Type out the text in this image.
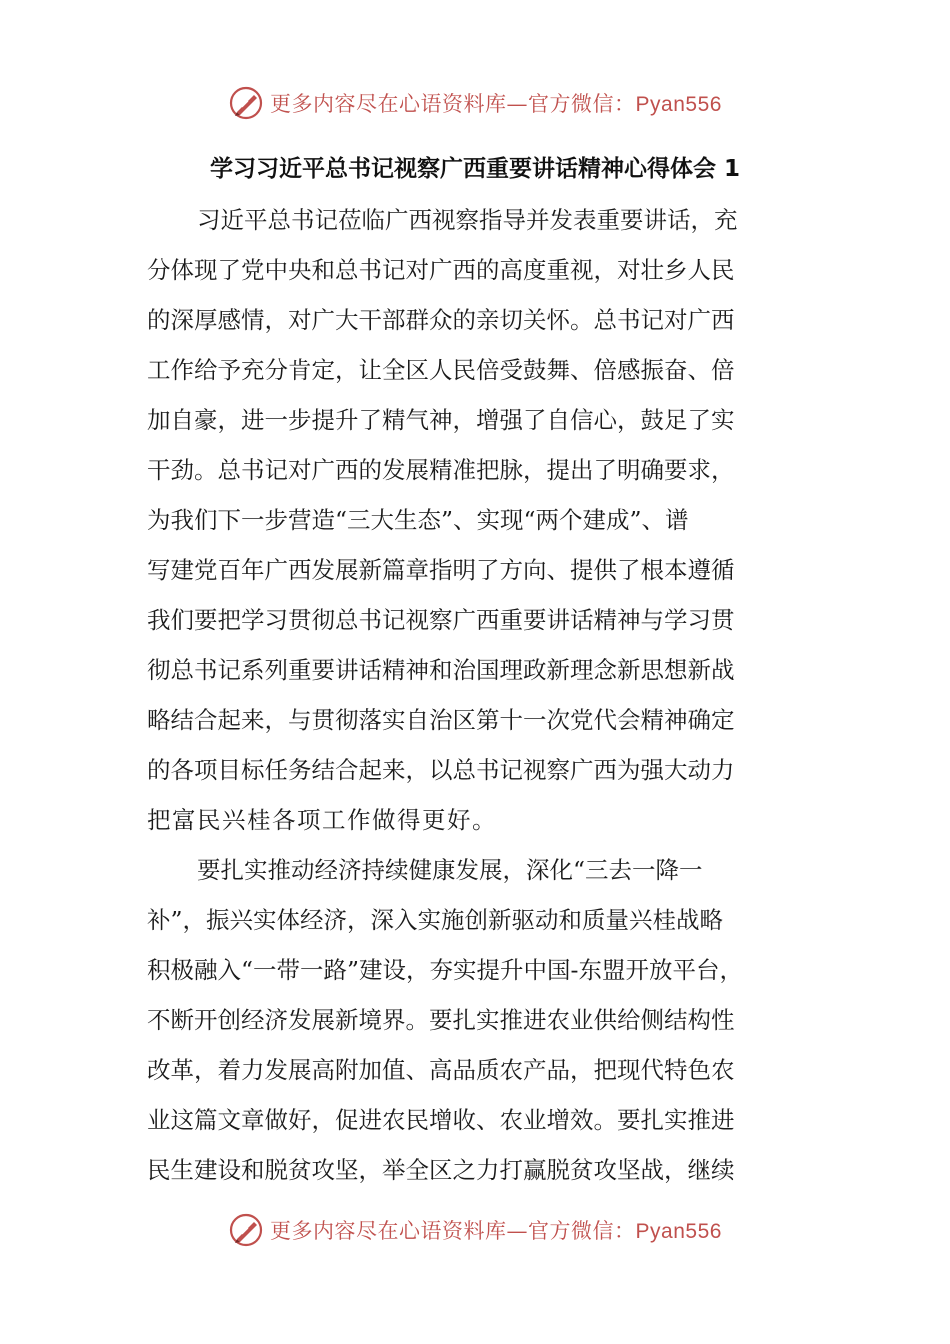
更多内容尽在心语资料库—官方微信：Pyan556
学习习近平总书记视察广西重要讲话精神心得体会 1
习近平总书记莅临广西视察指导并发表重要讲话，充
分体现了党中央和总书记对广西的高度重视，对壮乡人民
的深厚感情，对广大干部群众的亲切关怀。总书记对广西
工作给予充分肯定，让全区人民倍受鼓舞、倍感振奋、倍
加自豪，进一步提升了精气神，增强了自信心，鼓足了实
干劲。总书记对广西的发展精准把脉，提出了明确要求，
为我们下一步营造“三大生态”、实现“两个建成”、谱
写建党百年广西发展新篇章指明了方向、提供了根本遵循
我们要把学习贯彻总书记视察广西重要讲话精神与学习贯
彻总书记系列重要讲话精神和治国理政新理念新思想新战
略结合起来，与贯彻落实自治区第十一次党代会精神确定
的各项目标任务结合起来，以总书记视察广西为强大动力
把富民兴桂各项工作做得更好。
要扎实推动经济持续健康发展，深化“三去一降一
补”，振兴实体经济，深入实施创新驱动和质量兴桂战略
积极融入“一带一路”建设，夯实提升中国-东盟开放平台，
不断开创经济发展新境界。要扎实推进农业供给侧结构性
改革，着力发展高附加值、高品质农产品，把现代特色农
业这篇文章做好，促进农民增收、农业增效。要扎实推进
民生建设和脱贫攻坚，举全区之力打赢脱贫攻坚战，继续
更多内容尽在心语资料库—官方微信：Pyan556
